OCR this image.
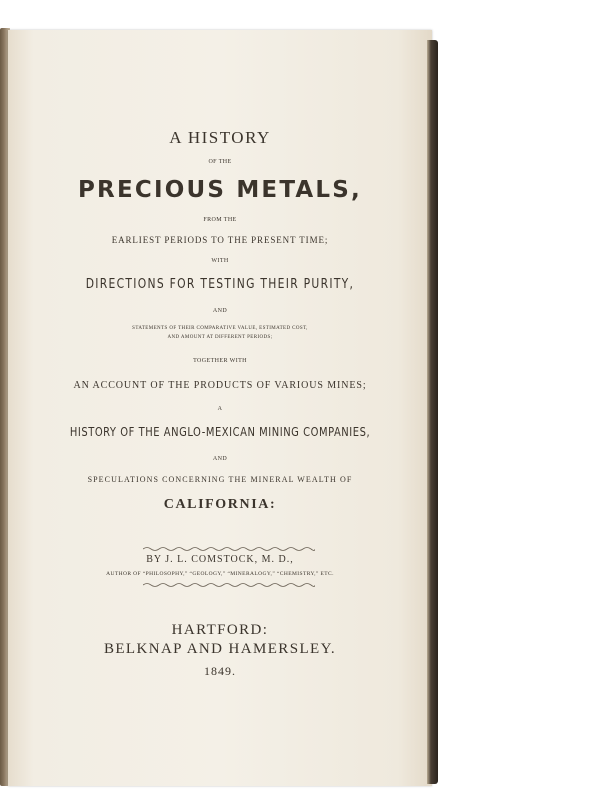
A HISTORY
OF THE
PRECIOUS METALS,
FROM THE
EARLIEST PERIODS TO THE PRESENT TIME;
WITH
DIRECTIONS FOR TESTING THEIR PURITY,
AND
STATEMENTS OF THEIR COMPARATIVE VALUE, ESTIMATED COST,
AND AMOUNT AT DIFFERENT PERIODS;
TOGETHER WITH
AN ACCOUNT OF THE PRODUCTS OF VARIOUS MINES;
A
HISTORY OF THE ANGLO-MEXICAN MINING COMPANIES,
AND
SPECULATIONS CONCERNING THE MINERAL WEALTH OF
CALIFORNIA:
BY J. L. COMSTOCK, M. D.,
AUTHOR OF “PHILOSOPHY,” “GEOLOGY,” “MINERALOGY,” “CHEMISTRY,” ETC.
HARTFORD:
BELKNAP AND HAMERSLEY.
1849.
